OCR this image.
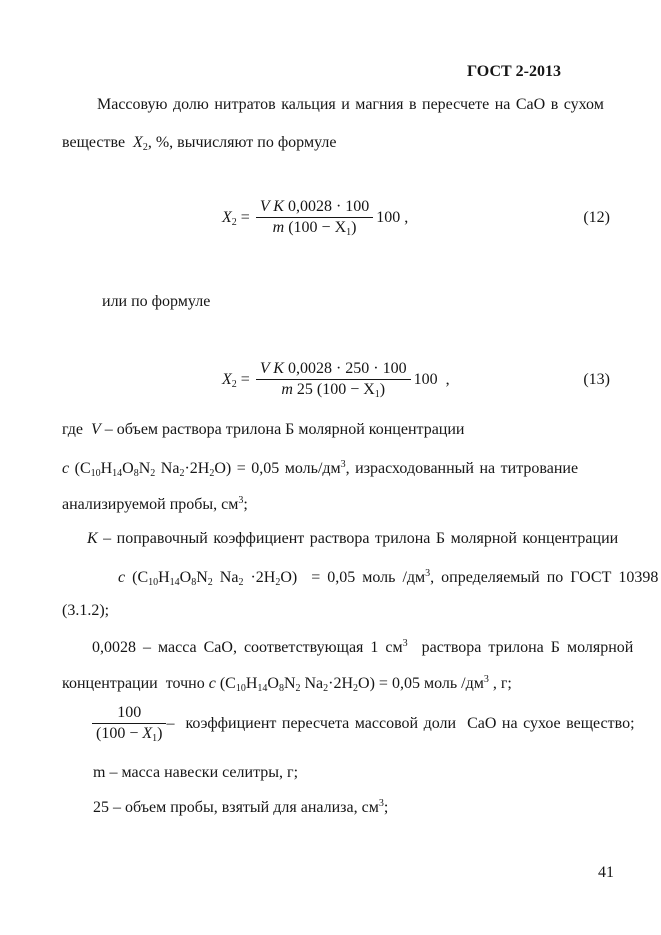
ГОСТ 2-2013
Массовую долю нитратов кальция и магния в пересчете на СаО в сухом
веществе  $X_2$, %, вычисляют по формуле
$X_2 = \frac{\text{V K 0,0028 · 100}}{m (100 - X_1)} 100$ ,	(12)
или по формуле
$X_2 = \frac{\text{V K 0,0028 · 250 · 100}}{m 25 (100 - X_1)} 100$  ,	(13)
где  V – объем раствора трилона Б молярной концентрации
c ($C_{10}H_{14}O_8N_2$ $Na_2\cdot 2H_2O) = 0,05$ моль/$дм^3$, израсходованный на титрование
анализируемой пробы, $см^3$;
K – поправочный коэффициент раствора трилона Б молярной концентрации
c ($C_{10}H_{14}O_8N_2$ $Na_2 \cdot 2H_2O) = 0,05$ моль $/дм^3$, определяемый по ГОСТ 10398
(3.1.2);
0,0028 – масса СаО, соответствующая 1 $см^3$  раствора трилона Б молярной
концентрации  точно c ($C_{10}H_{14}O_8N_2$ $Na_2\cdot 2H_2O) = 0,05$ моль $/дм^3$ , г;
$\frac{100}{(100 - X_1)}$ –  коэффициент пересчета массовой доли  СаО на сухое вещество;
m – масса навески селитры, г;
25 – объем пробы, взятый для анализа, $см^3$;
41
